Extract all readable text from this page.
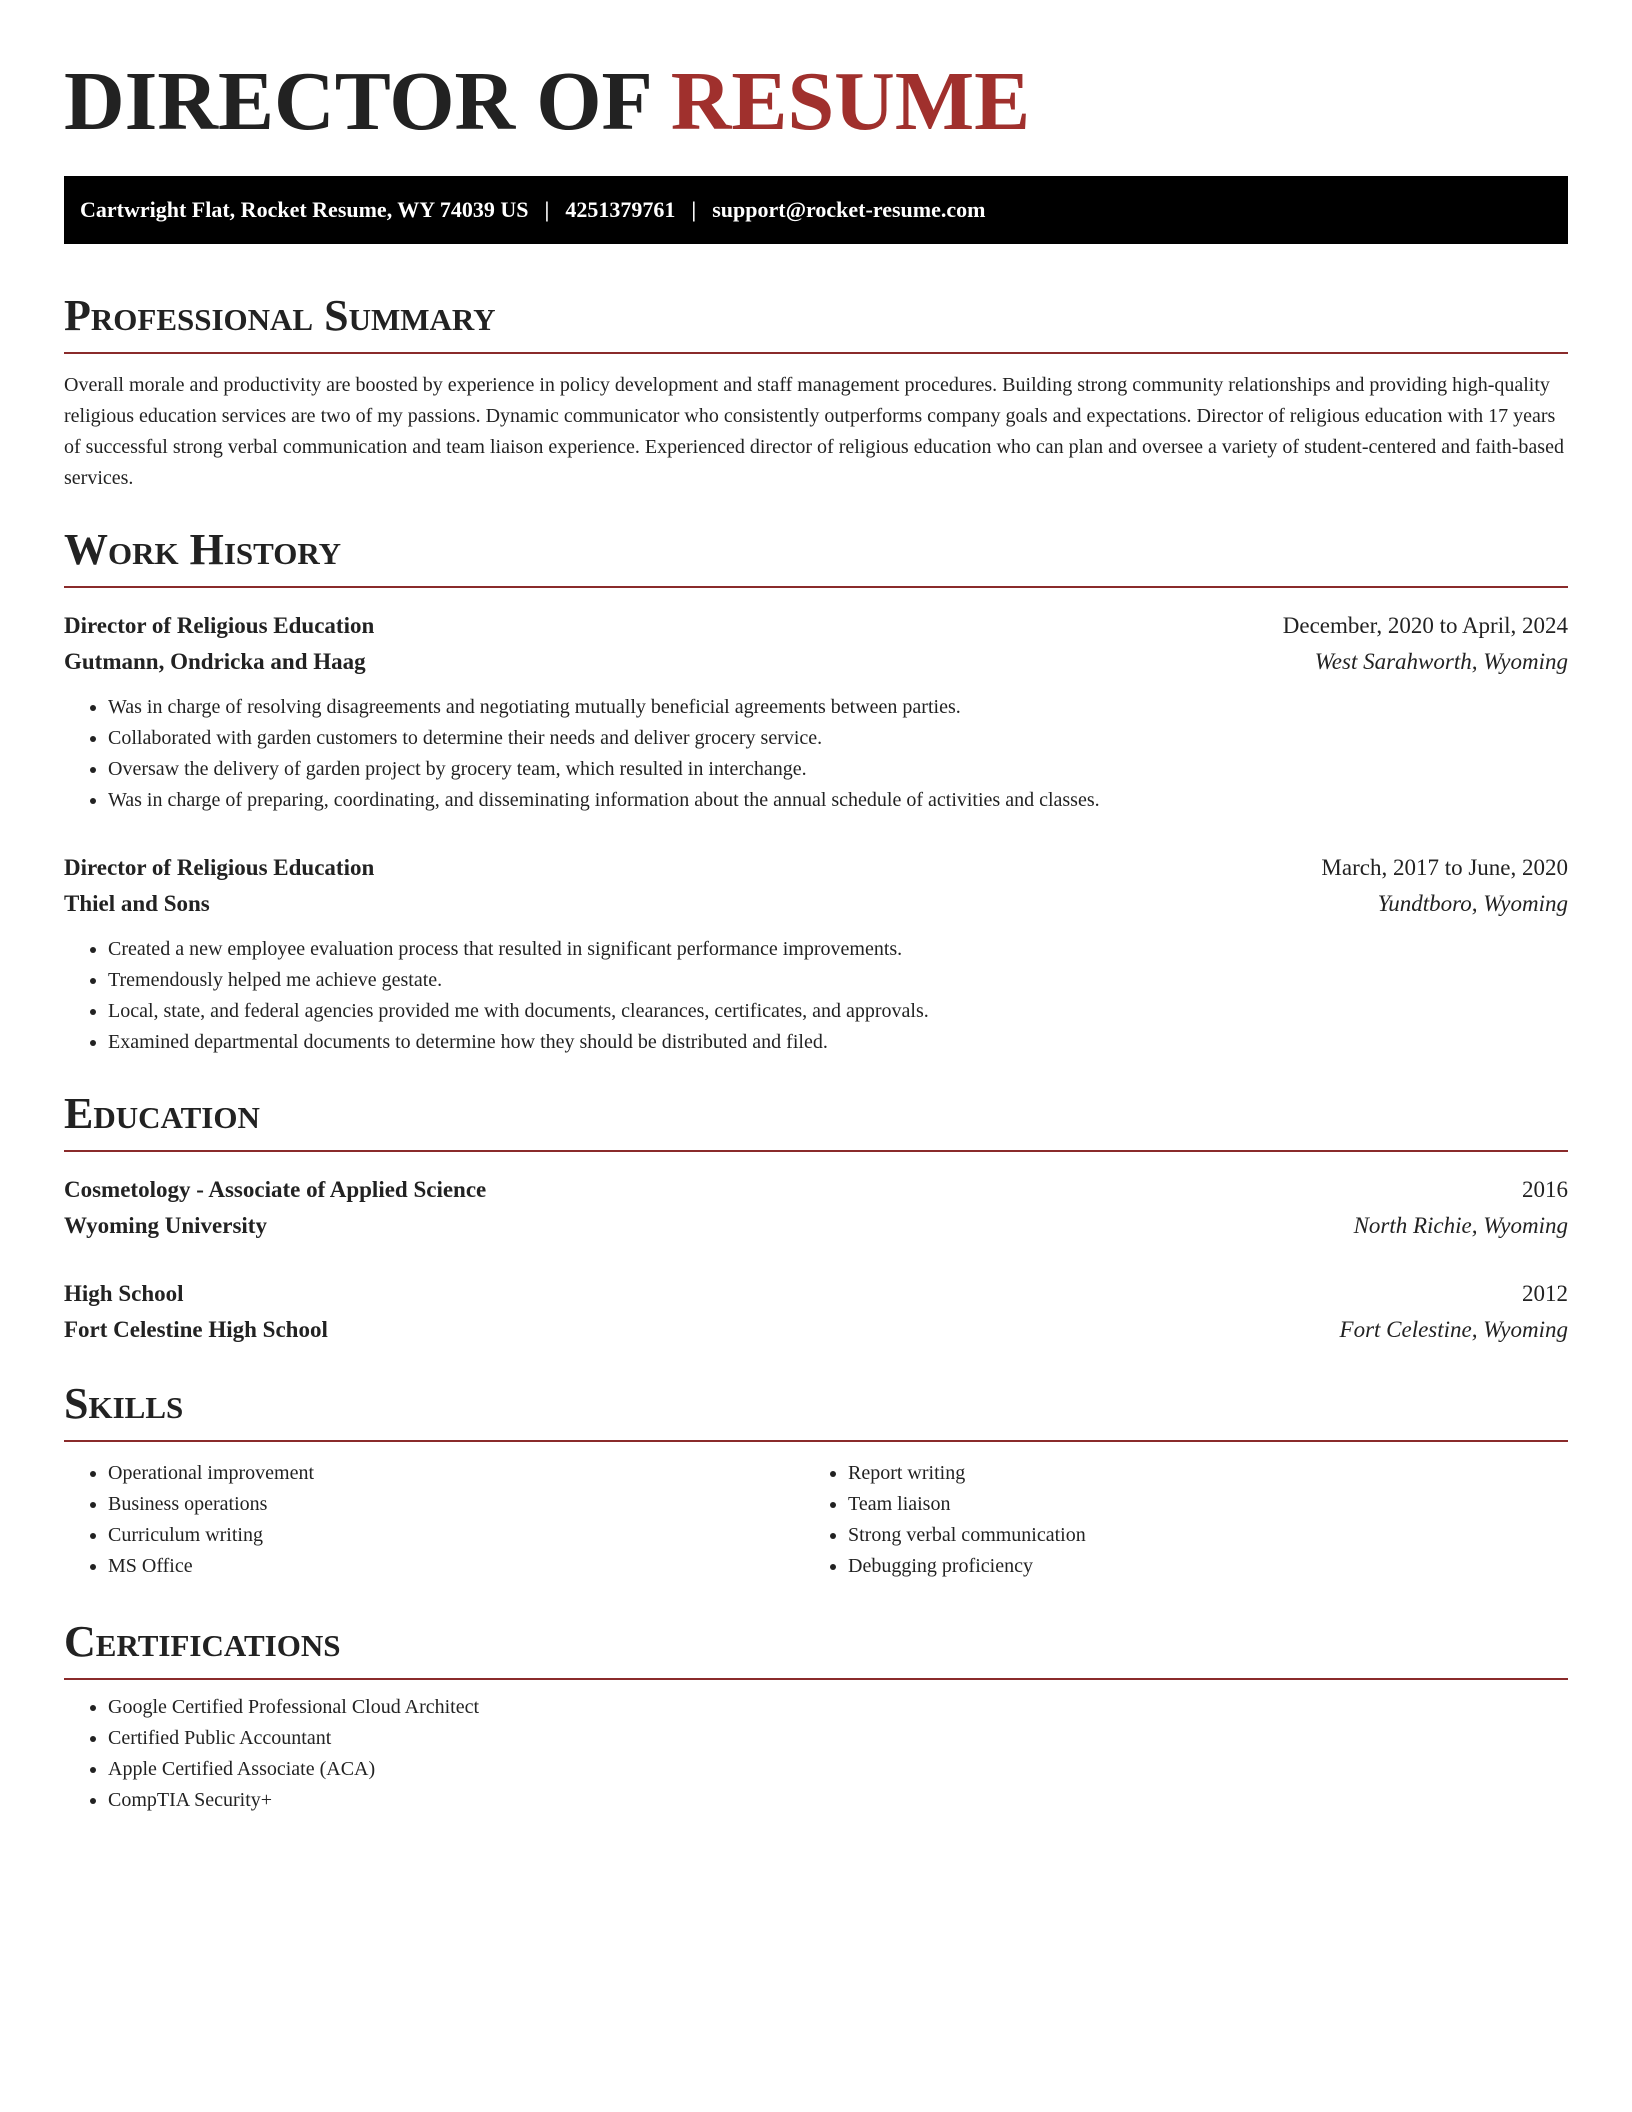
DIRECTOR OF RESUME
Cartwright Flat, Rocket Resume, WY 74039 US | 4251379761 | support@rocket-resume.com
Professional Summary

Overall morale and productivity are boosted by experience in policy development and staff management procedures. Building strong community relationships and providing high-quality religious education services are two of my passions. Dynamic communicator who consistently outperforms company goals and expectations. Director of religious education with 17 years of successful strong verbal communication and team liaison experience. Experienced director of religious education who can plan and oversee a variety of student-centered and faith-based services.

Work History
Director of Religious Education	December, 2020 to April, 2024
Gutmann, Ondricka and Haag	West Sarahworth, Wyoming
• Was in charge of resolving disagreements and negotiating mutually beneficial agreements between parties.
• Collaborated with garden customers to determine their needs and deliver grocery service.
• Oversaw the delivery of garden project by grocery team, which resulted in interchange.
• Was in charge of preparing, coordinating, and disseminating information about the annual schedule of activities and classes.
Director of Religious Education	March, 2017 to June, 2020
Thiel and Sons	Yundtboro, Wyoming
• Created a new employee evaluation process that resulted in significant performance improvements.
• Tremendously helped me achieve gestate.
• Local, state, and federal agencies provided me with documents, clearances, certificates, and approvals.
• Examined departmental documents to determine how they should be distributed and filed.
Education
Cosmetology - Associate of Applied Science	2016
Wyoming University	North Richie, Wyoming
High School	2012
Fort Celestine High School	Fort Celestine, Wyoming
Skills
• Operational improvement
• Business operations
• Curriculum writing
• MS Office
• Report writing
• Team liaison
• Strong verbal communication
• Debugging proficiency
Certifications
• Google Certified Professional Cloud Architect
• Certified Public Accountant
• Apple Certified Associate (ACA)
• CompTIA Security+
